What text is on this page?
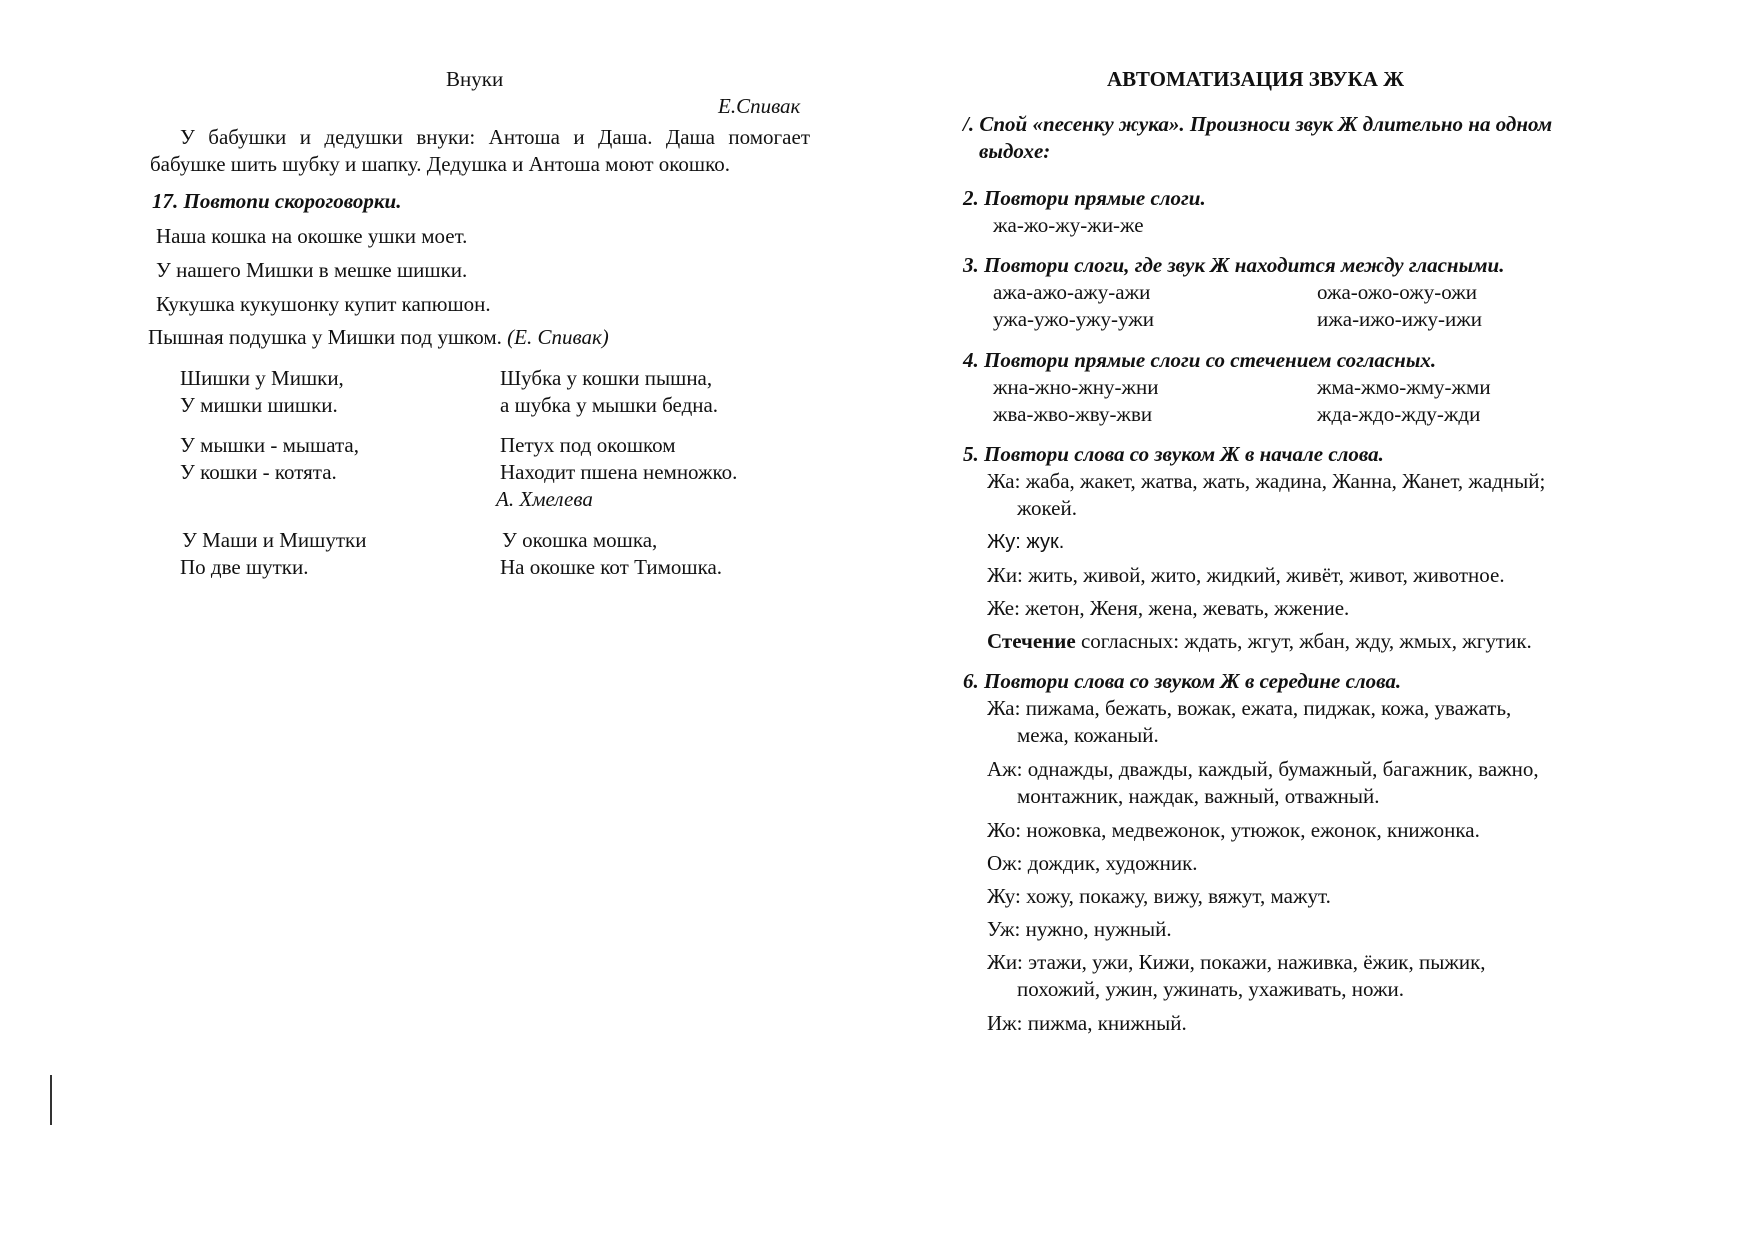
Внуки
Е.Спивак
У бабушки и дедушки внуки: Антоша и Даша. Даша помогает
бабушке шить шубку и шапку. Дедушка и Антоша моют окошко.
17. Повтопи скороговорки.
Наша кошка на окошке ушки моет.
У нашего Мишки в мешке шишки.
Кукушка кукушонку купит капюшон.
Пышная подушка у Мишки под ушком. (Е. Спивак)
Шишки у Мишки,
У мишки шишки.
Шубка у кошки пышна,
а шубка у мышки бедна.
У мышки - мышата,
У кошки - котята.
Петух под окошком
Находит пшена немножко.
А. Хмелева
У Маши и Мишутки
По две шутки.
У окошка мошка,
На окошке кот Тимошка.
АВТОМАТИЗАЦИЯ ЗВУКА Ж
/. Спой «песенку жука». Произноси звук Ж длительно на одном
выдохе:
2. Повтори прямые слоги.
жа-жо-жу-жи-же
3. Повтори слоги, где звук Ж находится между гласными.
ажа-ажо-ажу-ажи
ужа-ужо-ужу-ужи
ожа-ожо-ожу-ожи
ижа-ижо-ижу-ижи
4. Повтори прямые слоги со стечением согласных.
жна-жно-жну-жни
жва-жво-жву-жви
жма-жмо-жму-жми
жда-ждо-жду-жди
5. Повтори слова со звуком Ж в начале слова.
Жа: жаба, жакет, жатва, жать, жадина, Жанна, Жанет, жадный;
жокей.
Жу: жук.
Жи: жить, живой, жито, жидкий, живёт, живот, животное.
Же: жетон, Женя, жена, жевать, жжение.
Стечение согласных: ждать, жгут, жбан, жду, жмых, жгутик.
6. Повтори слова со звуком Ж в середине слова.
Жа: пижама, бежать, вожак, ежата, пиджак, кожа, уважать,
межа, кожаный.
Аж: однажды, дважды, каждый, бумажный, багажник, важно,
монтажник, наждак, важный, отважный.
Жо: ножовка, медвежонок, утюжок, ежонок, книжонка.
Ож: дождик, художник.
Жу: хожу, покажу, вижу, вяжут, мажут.
Уж: нужно, нужный.
Жи: этажи, ужи, Кижи, покажи, наживка, ёжик, пыжик,
похожий, ужин, ужинать, ухаживать, ножи.
Иж: пижма, книжный.
